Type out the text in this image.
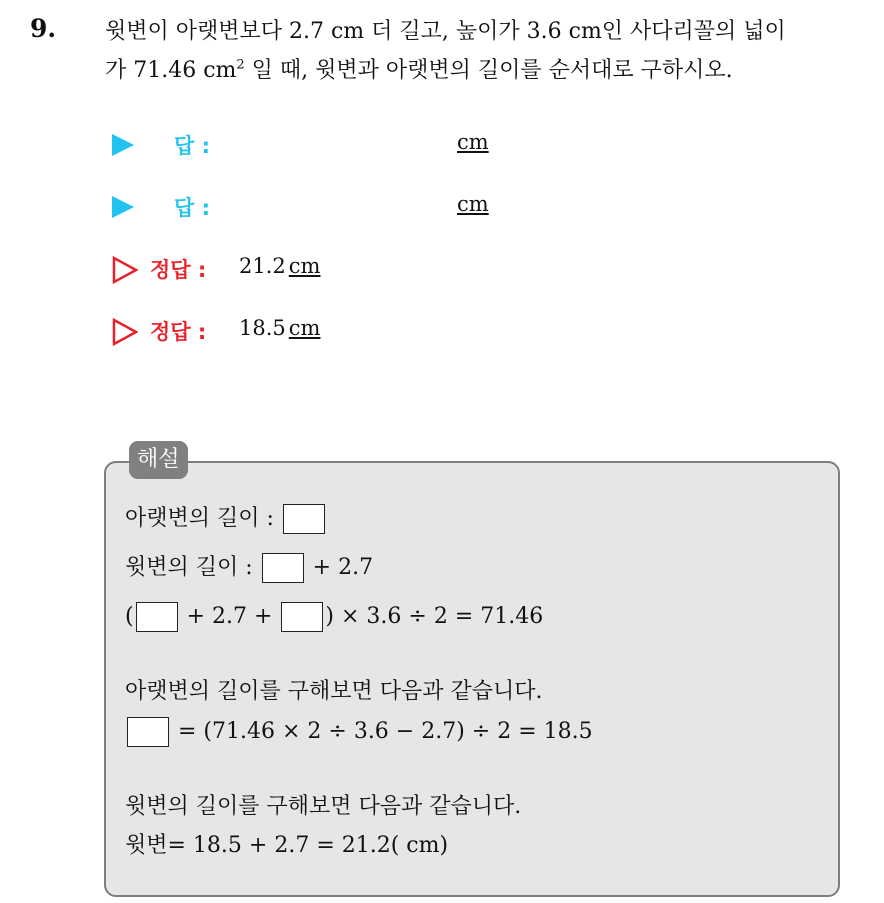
9. 윗변이 아랫변보다 2.7 cm 더 길고, 높이가 3.6 cm인 사다리꼴의 넓이
가 71.46 $cm^2$ 일 때, 윗변과 아랫변의 길이를 순서대로 구하시오.
답 :	cm
답 :	cm
정답 : 21.2 cm
정답 : 18.5 cm
해설
아랫변의 길이 :
윗변의 길이 :  + 2.7
( + 2.7 + ) × 3.6 ÷ 2 = 71.46
아랫변의 길이를 구해보면 다음과 같습니다.
= (71.46 × 2 ÷ 3.6 − 2.7) ÷ 2 = 18.5
윗변의 길이를 구해보면 다음과 같습니다.
윗변= 18.5 + 2.7 = 21.2( cm)
